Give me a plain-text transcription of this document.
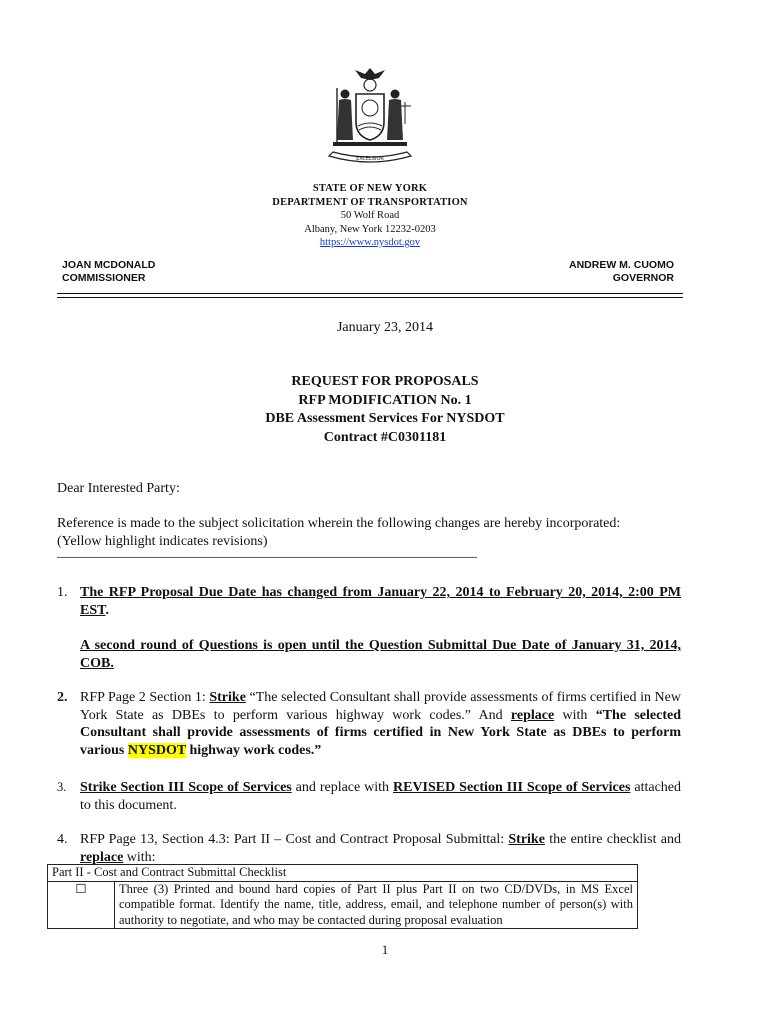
EXCELSIOR
STATE OF NEW YORK
DEPARTMENT OF TRANSPORTATION
50 Wolf Road
Albany, New York 12232-0203
https://www.nysdot.gov
JOAN MCDONALD
COMMISSIONER
ANDREW M. CUOMO
GOVERNOR
January 23, 2014
REQUEST FOR PROPOSALS
RFP MODIFICATION No. 1
DBE Assessment Services For NYSDOT
Contract #C0301181
Dear Interested Party:
Reference is made to the subject solicitation wherein the following changes are hereby incorporated:
(Yellow highlight indicates revisions)
____________________________________________________________
1. The RFP Proposal Due Date has changed from January 22, 2014 to February 20, 2014, 2:00 PM EST.
A second round of Questions is open until the Question Submittal Due Date of January 31, 2014, COB.
2. RFP Page 2 Section 1: Strike “The selected Consultant shall provide assessments of firms certified in New York State as DBEs to perform various highway work codes.” And replace with “The selected Consultant shall provide assessments of firms certified in New York State as DBEs to perform various NYSDOT highway work codes.”
3. Strike Section III Scope of Services and replace with REVISED Section III Scope of Services attached to this document.
4. RFP Page 13, Section 4.3: Part II – Cost and Contract Proposal Submittal: Strike the entire checklist and replace with:
Part II - Cost and Contract Submittal Checklist
☐	Three (3) Printed and bound hard copies of Part II plus Part II on two CD/DVDs, in MS Excel compatible format. Identify the name, title, address, email, and telephone number of person(s) with authority to negotiate, and who may be contacted during proposal evaluation
1
